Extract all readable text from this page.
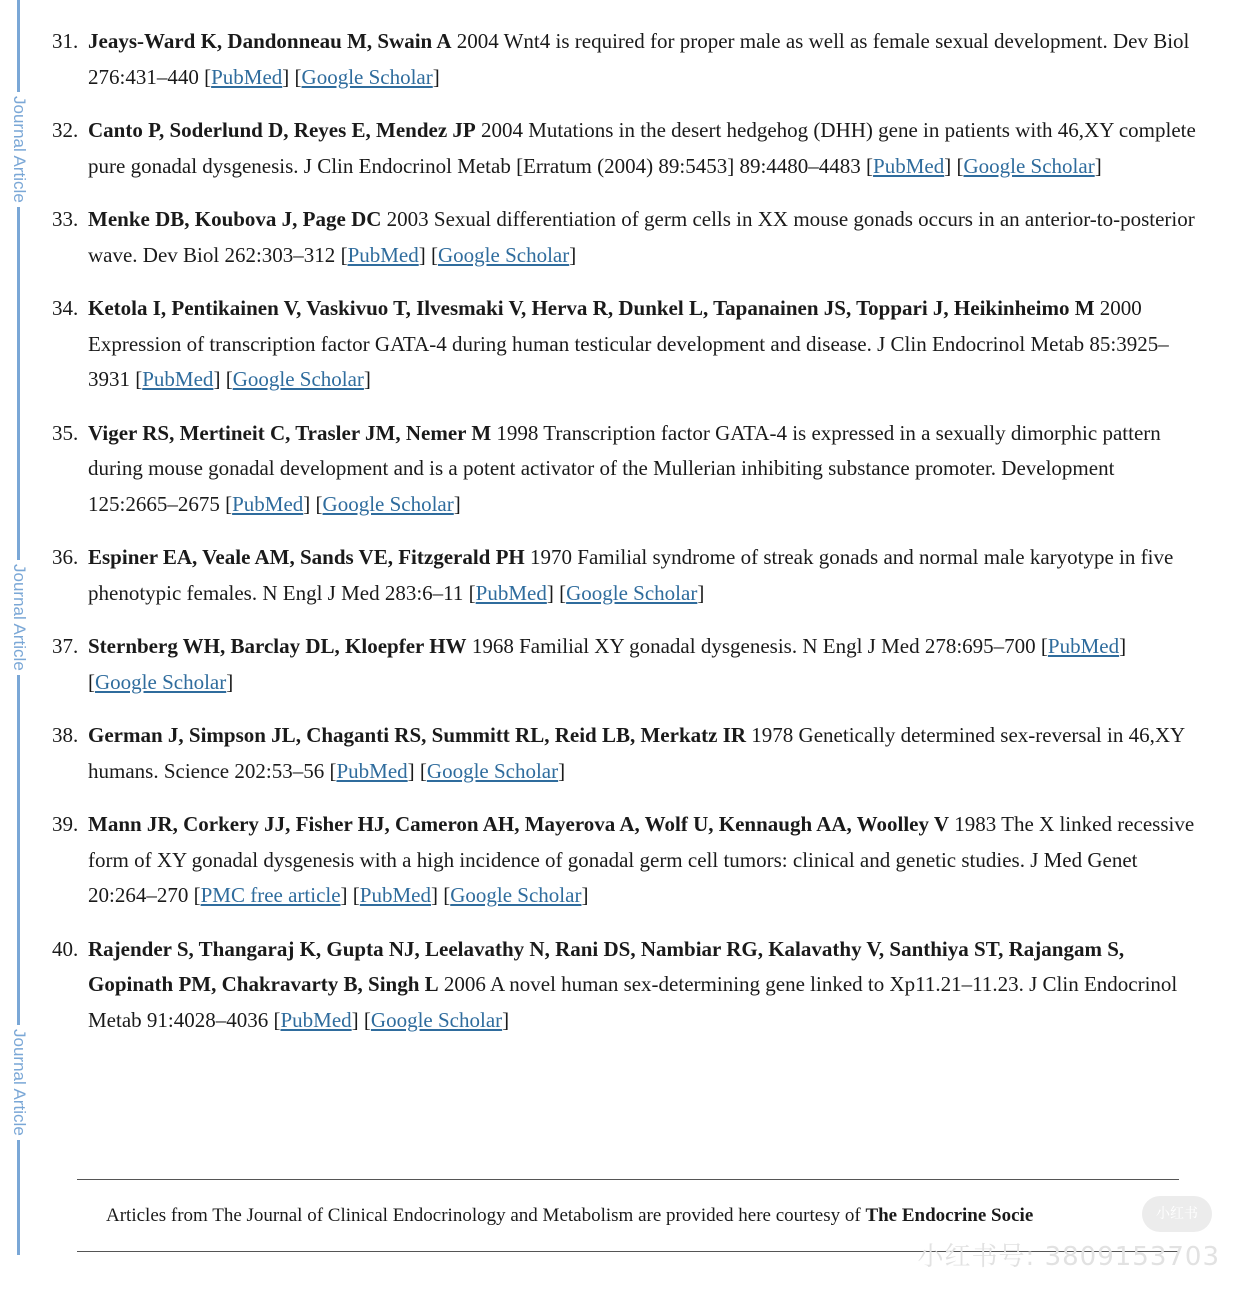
Journal Article
Journal Article
Journal Article
31. Jeays-Ward K, Dandonneau M, Swain A 2004 Wnt4 is required for proper male as well as female sexual development. Dev Biol 276:431–440 [PubMed] [Google Scholar]
32. Canto P, Soderlund D, Reyes E, Mendez JP 2004 Mutations in the desert hedgehog (DHH) gene in patients with 46,XY complete pure gonadal dysgenesis. J Clin Endocrinol Metab [Erratum (2004) 89:5453] 89:4480–4483 [PubMed] [Google Scholar]
33. Menke DB, Koubova J, Page DC 2003 Sexual differentiation of germ cells in XX mouse gonads occurs in an anterior-to-posterior wave. Dev Biol 262:303–312 [PubMed] [Google Scholar]
34. Ketola I, Pentikainen V, Vaskivuo T, Ilvesmaki V, Herva R, Dunkel L, Tapanainen JS, Toppari J, Heikinheimo M 2000 Expression of transcription factor GATA-4 during human testicular development and disease. J Clin Endocrinol Metab 85:3925–3931 [PubMed] [Google Scholar]
35. Viger RS, Mertineit C, Trasler JM, Nemer M 1998 Transcription factor GATA-4 is expressed in a sexually dimorphic pattern during mouse gonadal development and is a potent activator of the Mullerian inhibiting substance promoter. Development 125:2665–2675 [PubMed] [Google Scholar]
36. Espiner EA, Veale AM, Sands VE, Fitzgerald PH 1970 Familial syndrome of streak gonads and normal male karyotype in five phenotypic females. N Engl J Med 283:6–11 [PubMed] [Google Scholar]
37. Sternberg WH, Barclay DL, Kloepfer HW 1968 Familial XY gonadal dysgenesis. N Engl J Med 278:695–700 [PubMed] [Google Scholar]
38. German J, Simpson JL, Chaganti RS, Summitt RL, Reid LB, Merkatz IR 1978 Genetically determined sex-reversal in 46,XY humans. Science 202:53–56 [PubMed] [Google Scholar]
39. Mann JR, Corkery JJ, Fisher HJ, Cameron AH, Mayerova A, Wolf U, Kennaugh AA, Woolley V 1983 The X linked recessive form of XY gonadal dysgenesis with a high incidence of gonadal germ cell tumors: clinical and genetic studies. J Med Genet 20:264–270 [PMC free article] [PubMed] [Google Scholar]
40. Rajender S, Thangaraj K, Gupta NJ, Leelavathy N, Rani DS, Nambiar RG, Kalavathy V, Santhiya ST, Rajangam S, Gopinath PM, Chakravarty B, Singh L 2006 A novel human sex-determining gene linked to Xp11.21–11.23. J Clin Endocrinol Metab 91:4028–4036 [PubMed] [Google Scholar]
Articles from The Journal of Clinical Endocrinology and Metabolism are provided here courtesy of The Endocrine Socie	小红书
小红书号: 3809153703
